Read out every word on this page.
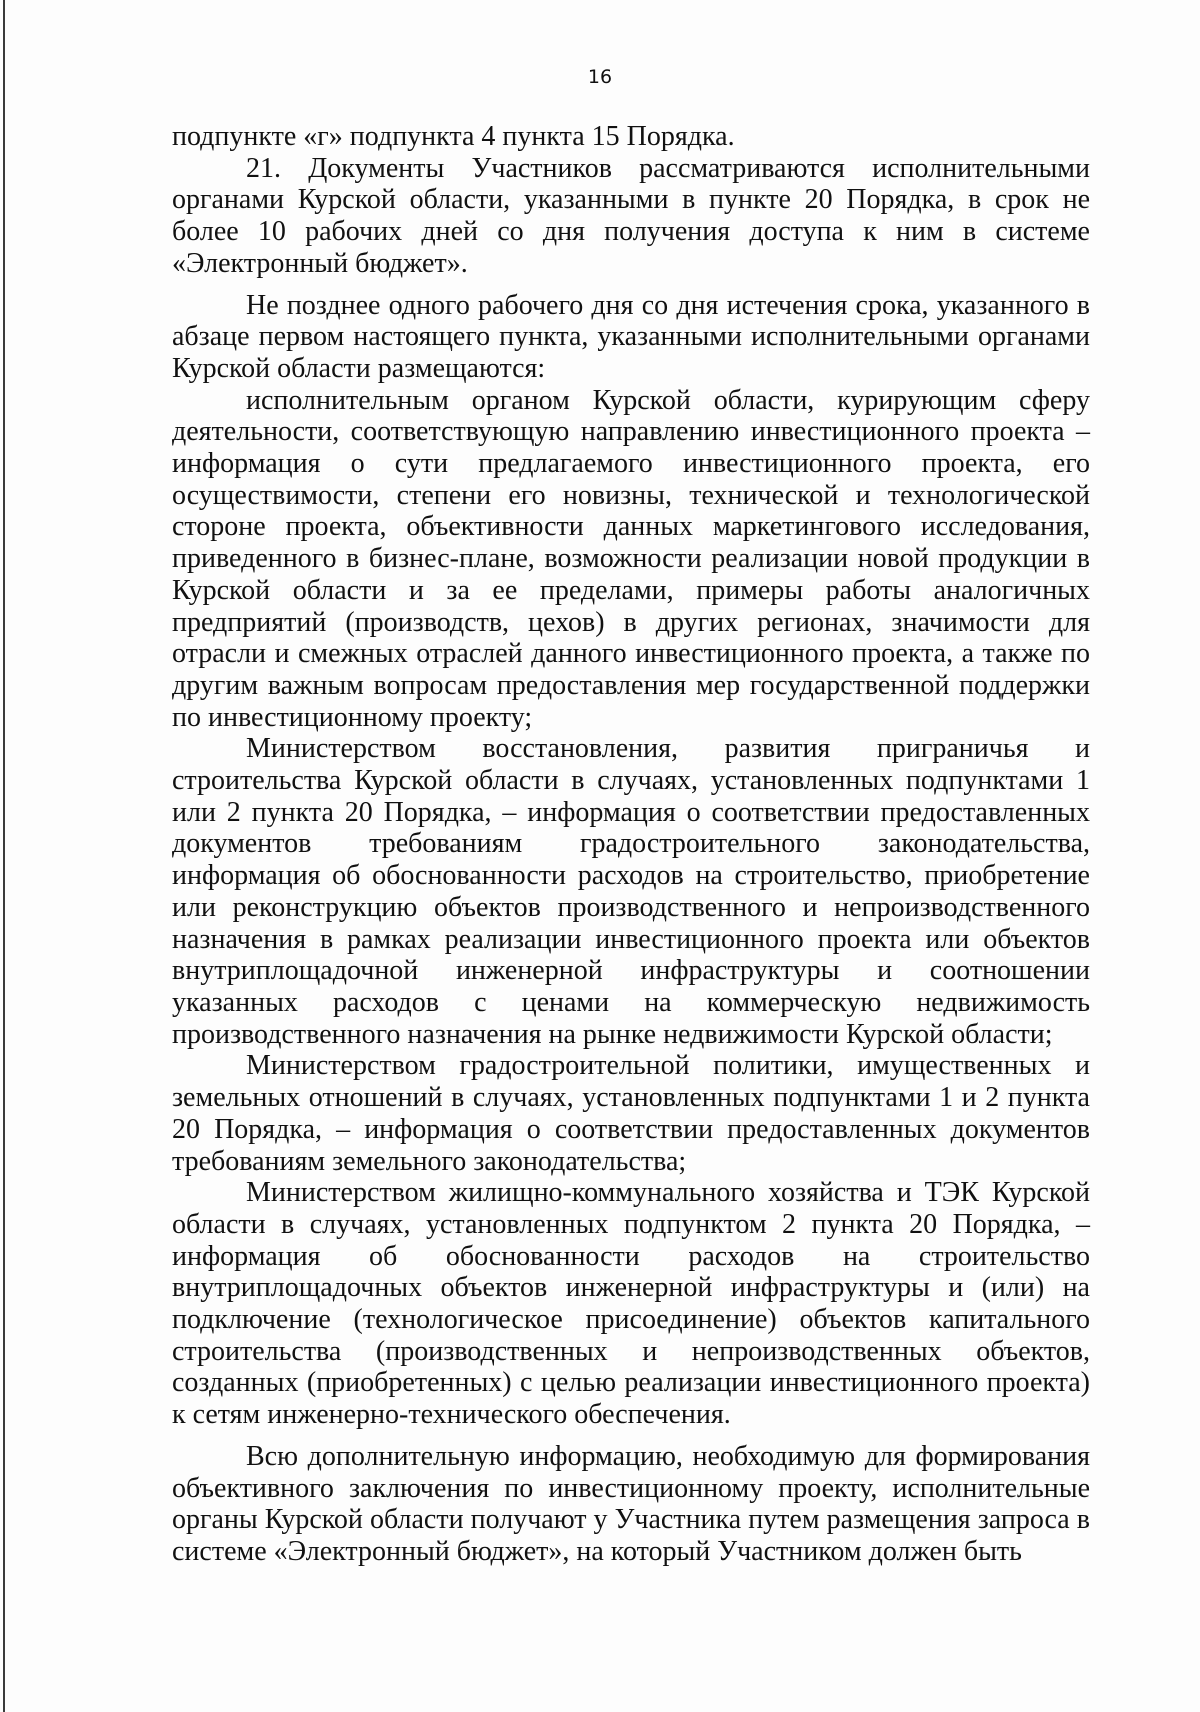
16

подпункте «г» подпункта 4 пункта 15 Порядка.

21. Документы Участников рассматриваются исполнительными органами Курской области, указанными в пункте 20 Порядка, в срок не более 10 рабочих дней со дня получения доступа к ним в системе «Электронный бюджет».

Не позднее одного рабочего дня со дня истечения срока, указанного в абзаце первом настоящего пункта, указанными исполнительными органами Курской области размещаются:

исполнительным органом Курской области, курирующим сферу деятельности, соответствующую направлению инвестиционного проекта – информация о сути предлагаемого инвестиционного проекта, его осуществимости, степени его новизны, технической и технологической стороне проекта, объективности данных маркетингового исследования, приведенного в бизнес-плане, возможности реализации новой продукции в Курской области и за ее пределами, примеры работы аналогичных предприятий (производств, цехов) в других регионах, значимости для отрасли и смежных отраслей данного инвестиционного проекта, а также по другим важным вопросам предоставления мер государственной поддержки по инвестиционному проекту;

Министерством восстановления, развития приграничья и строительства Курской области в случаях, установленных подпунктами 1 или 2 пункта 20 Порядка, – информация о соответствии предоставленных документов требованиям градостроительного законодательства, информация об обоснованности расходов на строительство, приобретение или реконструкцию объектов производственного и непроизводственного назначения в рамках реализации инвестиционного проекта или объектов внутриплощадочной инженерной инфраструктуры и соотношении указанных расходов с ценами на коммерческую недвижимость производственного назначения на рынке недвижимости Курской области;

Министерством градостроительной политики, имущественных и земельных отношений в случаях, установленных подпунктами 1 и 2 пункта 20 Порядка, – информация о соответствии предоставленных документов требованиям земельного законодательства;

Министерством жилищно-коммунального хозяйства и ТЭК Курской области в случаях, установленных подпунктом 2 пункта 20 Порядка, – информация об обоснованности расходов на строительство внутриплощадочных объектов инженерной инфраструктуры и (или) на подключение (технологическое присоединение) объектов капитального строительства (производственных и непроизводственных объектов, созданных (приобретенных) с целью реализации инвестиционного проекта) к сетям инженерно-технического обеспечения.

Всю дополнительную информацию, необходимую для формирования объективного заключения по инвестиционному проекту, исполнительные органы Курской области получают у Участника путем размещения запроса в системе «Электронный бюджет», на который Участником должен быть
